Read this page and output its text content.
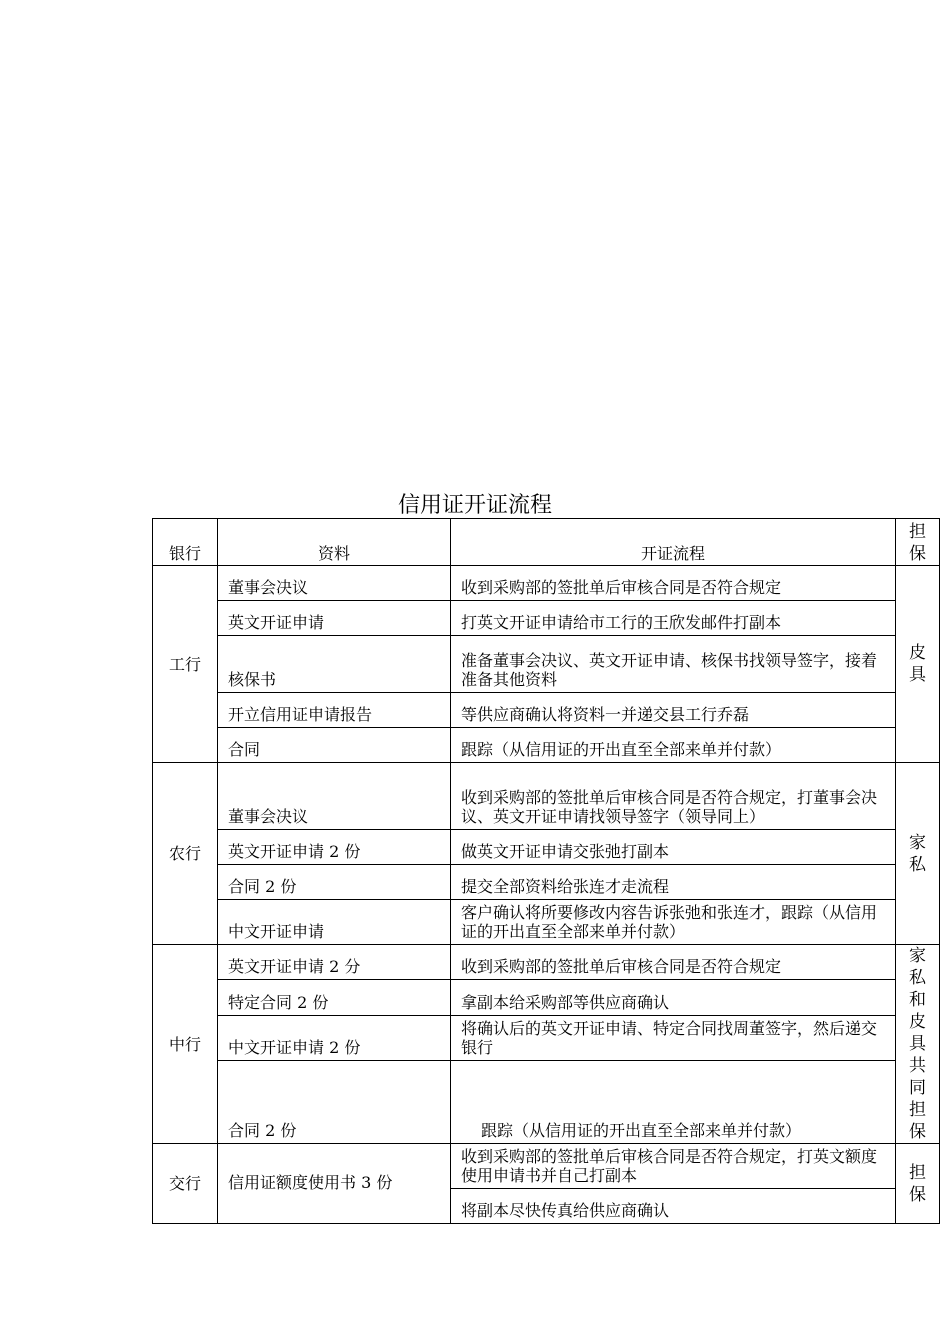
信用证开证流程
银行	资料	开证流程	担保
工行	董事会决议	收到采购部的签批单后审核合同是否符合规定	皮具
	英文开证申请	打英文开证申请给市工行的王欣发邮件打副本	
	核保书	准备董事会决议、英文开证申请、核保书找领导签字，接着准备其他资料	
	开立信用证申请报告	等供应商确认将资料一并递交县工行乔磊	
	合同	跟踪（从信用证的开出直至全部来单并付款）	
农行	董事会决议	收到采购部的签批单后审核合同是否符合规定，打董事会决议、英文开证申请找领导签字（领导同上）	家私
	英文开证申请 2 份	做英文开证申请交张弛打副本	
	合同 2 份	提交全部资料给张连才走流程	
	中文开证申请	客户确认将所要修改内容告诉张弛和张连才，跟踪（从信用证的开出直至全部来单并付款）	
中行	英文开证申请 2 分	收到采购部的签批单后审核合同是否符合规定	家私和皮具共同担保
	特定合同 2 份	拿副本给采购部等供应商确认	
	中文开证申请 2 份	将确认后的英文开证申请、特定合同找周董签字，然后递交银行	
	合同 2 份	跟踪（从信用证的开出直至全部来单并付款）	
交行	信用证额度使用书 3 份	收到采购部的签批单后审核合同是否符合规定，打英文额度使用申请书并自己打副本	担保
		将副本尽快传真给供应商确认	
